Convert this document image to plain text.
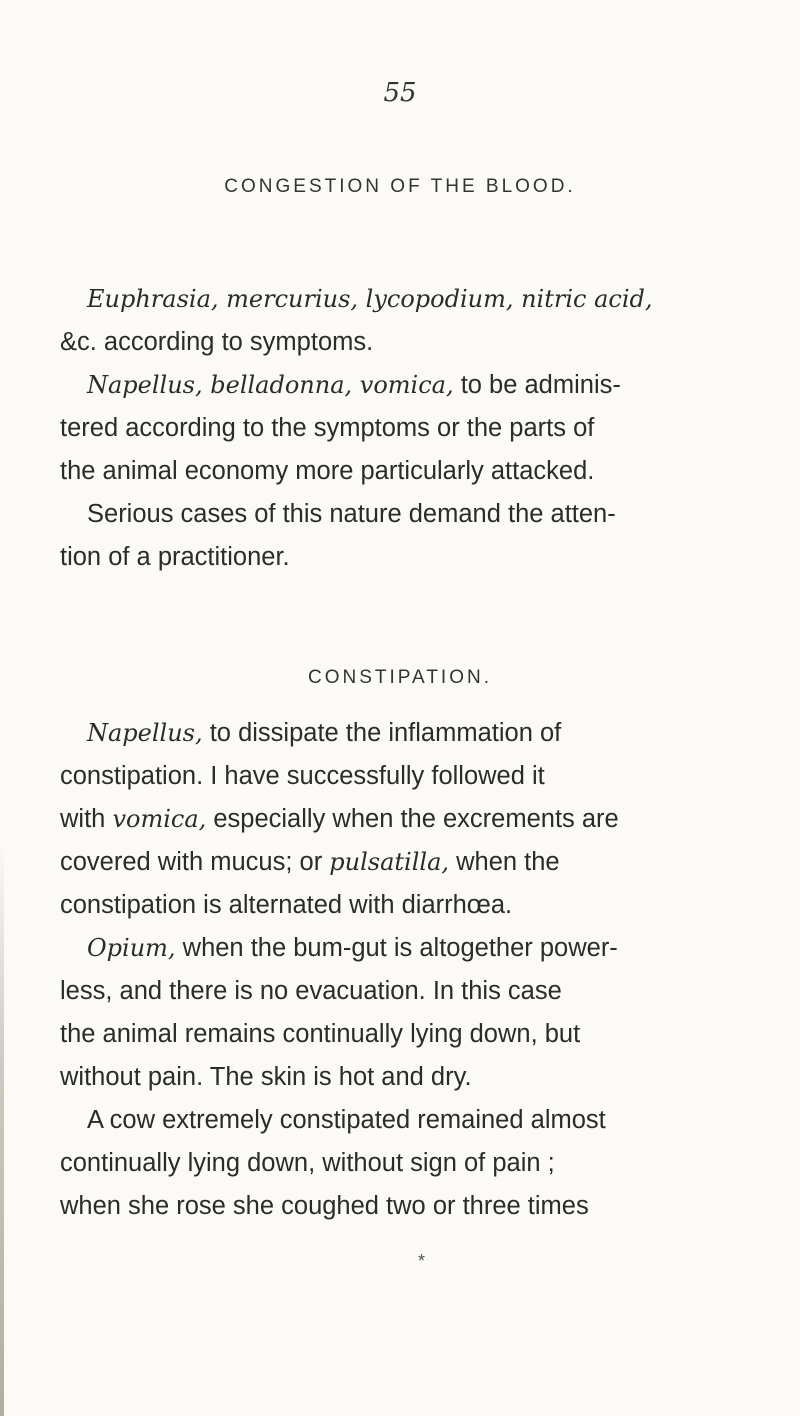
55
CONGESTION OF THE BLOOD.
Euphrasia, mercurius, lycopodium, nitric acid,
&c. according to symptoms.
Napellus, belladonna, vomica, to be adminis-
tered according to the symptoms or the parts of
the animal economy more particularly attacked.
Serious cases of this nature demand the atten-
tion of a practitioner.
CONSTIPATION.
Napellus, to dissipate the inflammation of
constipation. I have successfully followed it
with vomica, especially when the excrements are
covered with mucus; or pulsatilla, when the
constipation is alternated with diarrhœa.
Opium, when the bum-gut is altogether power-
less, and there is no evacuation. In this case
the animal remains continually lying down, but
without pain. The skin is hot and dry.
A cow extremely constipated remained almost
continually lying down, without sign of pain ;
when she rose she coughed two or three times
*
